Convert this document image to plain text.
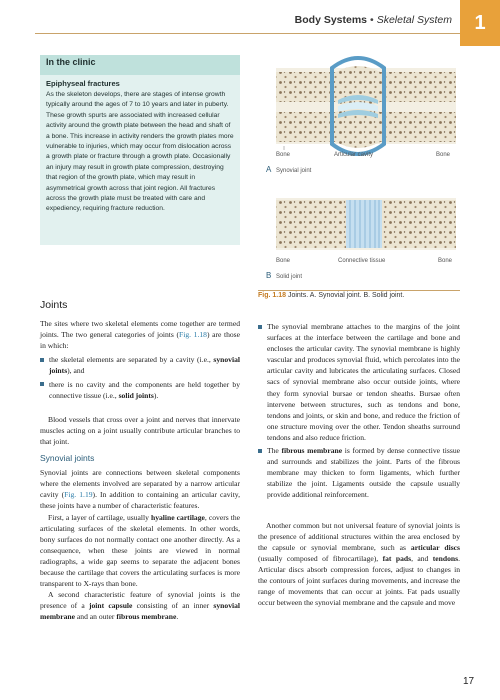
Body Systems • Skeletal System	1
In the clinic
Epiphyseal fractures
As the skeleton develops, there are stages of intense growth typically around the ages of 7 to 10 years and later in puberty. These growth spurts are associated with increased cellular activity around the growth plate between the head and shaft of a bone. This increase in activity renders the growth plates more vulnerable to injuries, which may occur from dislocation across a growth plate or fracture through a growth plate. Occasionally an injury may result in growth plate compression, destroying that region of the growth plate, which may result in asymmetrical growth across that joint region. All fractures across the growth plate must be treated with care and expediency, requiring fracture reduction.
Bone	Articular cavity	Bone
A Synovial joint
Bone	Connective tissue	Bone
B Solid joint
Fig. 1.18 Joints. A. Synovial joint. B. Solid joint.
Joints

The sites where two skeletal elements come together are termed joints. The two general categories of joints (Fig. 1.18) are those in which:

the skeletal elements are separated by a cavity (i.e., synovial joints), and
there is no cavity and the components are held together by connective tissue (i.e., solid joints).

Blood vessels that cross over a joint and nerves that innervate muscles acting on a joint usually contribute articular branches to that joint.

Synovial joints

Synovial joints are connections between skeletal components where the elements involved are separated by a narrow articular cavity (Fig. 1.19). In addition to containing an articular cavity, these joints have a number of characteristic features.

First, a layer of cartilage, usually hyaline cartilage, covers the articulating surfaces of the skeletal elements. In other words, bony surfaces do not normally contact one another directly. As a consequence, when these joints are viewed in normal radiographs, a wide gap seems to separate the adjacent bones because the cartilage that covers the articulating surfaces is more transparent to X-rays than bone.

A second characteristic feature of synovial joints is the presence of a joint capsule consisting of an inner synovial membrane and an outer fibrous membrane.

The synovial membrane attaches to the margins of the joint surfaces at the interface between the cartilage and bone and encloses the articular cavity. The synovial membrane is highly vascular and produces synovial fluid, which percolates into the articular cavity and lubricates the articulating surfaces. Closed sacs of synovial membrane also occur outside joints, where they form synovial bursae or tendon sheaths. Bursae often intervene between structures, such as tendons and bone, tendons and joints, or skin and bone, and reduce the friction of one structure moving over the other. Tendon sheaths surround tendons and also reduce friction.
The fibrous membrane is formed by dense connective tissue and surrounds and stabilizes the joint. Parts of the fibrous membrane may thicken to form ligaments, which further stabilize the joint. Ligaments outside the capsule usually provide additional reinforcement.

Another common but not universal feature of synovial joints is the presence of additional structures within the area enclosed by the capsule or synovial membrane, such as articular discs (usually composed of fibrocartilage), fat pads, and tendons. Articular discs absorb compression forces, adjust to changes in the contours of joint surfaces during movements, and increase the range of movements that can occur at joints. Fat pads usually occur between the synovial membrane and the capsule and move

17
